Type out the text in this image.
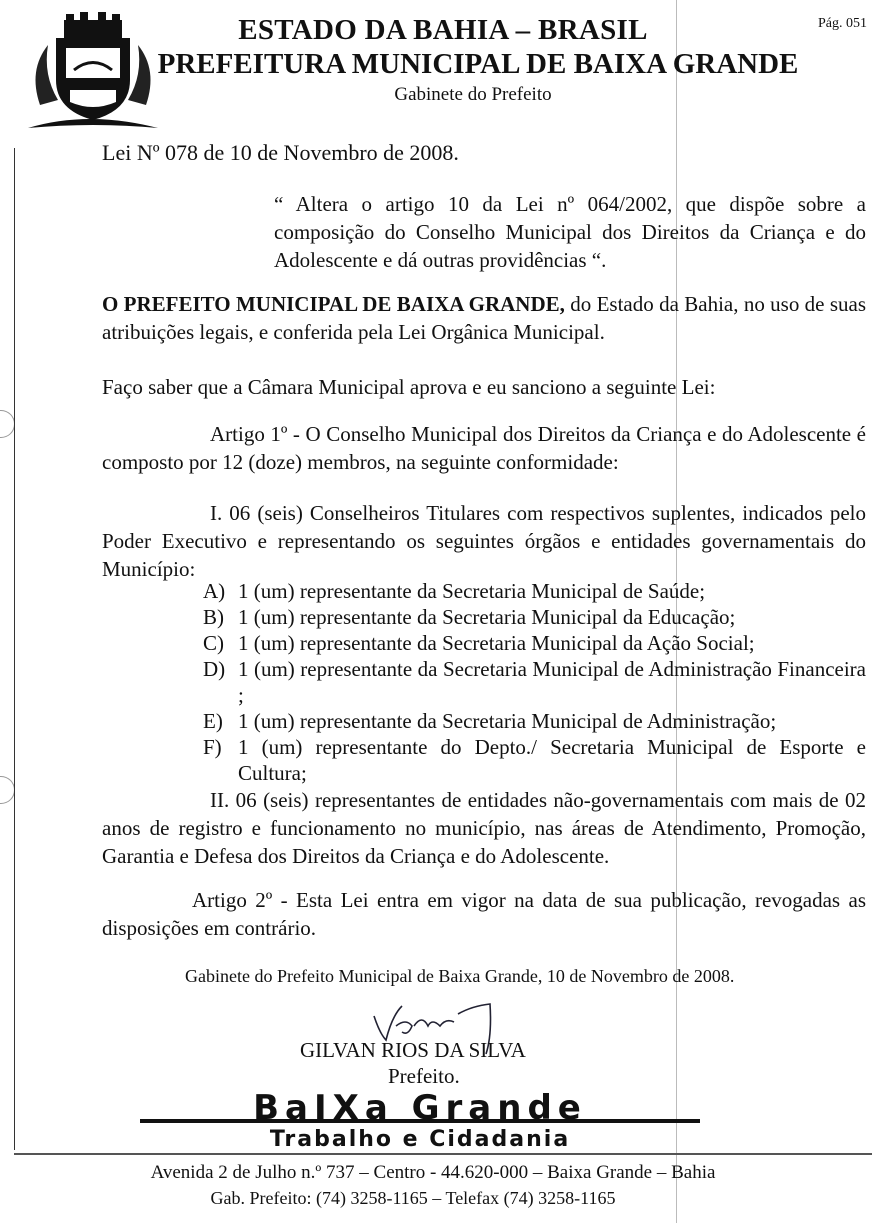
ESTADO DA BAHIA – BRASIL
PREFEITURA MUNICIPAL DE BAIXA GRANDE
Gabinete do Prefeito
Pág. 051
Lei Nº 078 de 10 de Novembro de 2008.
“ Altera o artigo 10 da Lei nº 064/2002, que dispõe sobre a composição do Conselho Municipal dos Direitos da Criança e do Adolescente e dá outras providências “.
O PREFEITO MUNICIPAL DE BAIXA GRANDE, do Estado da Bahia, no uso de suas atribuições legais, e conferida pela Lei Orgânica Municipal.
Faço saber que a Câmara Municipal aprova e eu sanciono a seguinte Lei:
Artigo 1º - O Conselho Municipal dos Direitos da Criança e do Adolescente é composto por 12 (doze) membros, na seguinte conformidade:
I. 06 (seis) Conselheiros Titulares com respectivos suplentes, indicados pelo Poder Executivo e representando os seguintes órgãos e entidades governamentais do Município:
A) 1 (um) representante da Secretaria Municipal de Saúde;
B) 1 (um) representante da Secretaria Municipal da Educação;
C) 1 (um) representante da Secretaria Municipal da Ação Social;
D) 1 (um) representante da Secretaria Municipal de Administração Financeira ;
E) 1 (um) representante da Secretaria Municipal de Administração;
F) 1 (um) representante do Depto./ Secretaria Municipal de Esporte e Cultura;
II. 06 (seis) representantes de entidades não-governamentais com mais de 02 anos de registro e funcionamento no município, nas áreas de Atendimento, Promoção, Garantia e Defesa dos Direitos da Criança e do Adolescente.
Artigo 2º - Esta Lei entra em vigor na data de sua publicação, revogadas as disposições em contrário.
Gabinete do Prefeito Municipal de Baixa Grande, 10 de Novembro de 2008.
GILVAN RIOS DA SILVA
Prefeito.
BaIXa Grande
Trabalho e Cidadania
Avenida 2 de Julho n.º 737 – Centro - 44.620-000 – Baixa Grande – Bahia
Gab. Prefeito: (74) 3258-1165 – Telefax (74) 3258-1165
